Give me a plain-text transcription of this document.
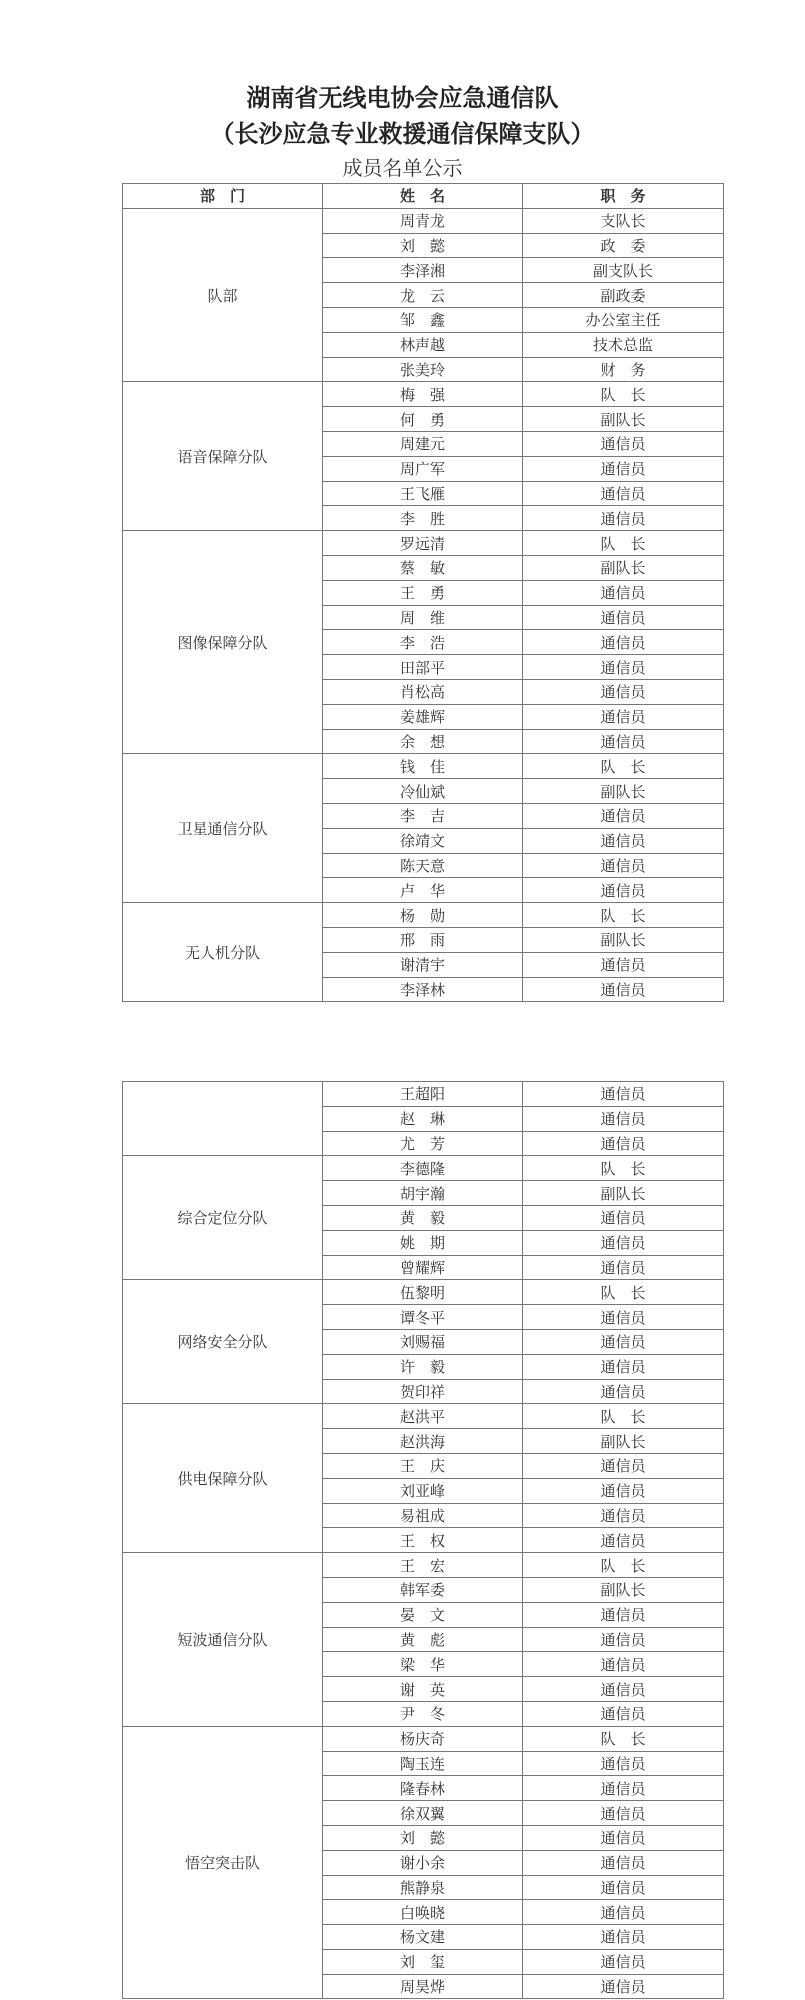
湖南省无线电协会应急通信队
（长沙应急专业救援通信保障支队）
成员名单公示
部　门	姓　名	职　务
队部	周青龙	支队长
	刘　懿	政　委
	李泽湘	副支队长
	龙　云	副政委
	邹　鑫	办公室主任
	林声越	技术总监
	张美玲	财　务
语音保障分队	梅　强	队　长
	何　勇	副队长
	周建元	通信员
	周广军	通信员
	王飞雁	通信员
	李　胜	通信员
图像保障分队	罗远清	队　长
	蔡　敏	副队长
	王　勇	通信员
	周　维	通信员
	李　浩	通信员
	田部平	通信员
	肖松高	通信员
	姜雄辉	通信员
	余　想	通信员
卫星通信分队	钱　佳	队　长
	冷仙斌	副队长
	李　吉	通信员
	徐靖文	通信员
	陈天意	通信员
	卢　华	通信员
无人机分队	杨　勋	队　长
	邢　雨	副队长
	谢清宇	通信员
	李泽林	通信员
	王超阳	通信员
	赵　琳	通信员
	尤　芳	通信员
综合定位分队	李德隆	队　长
	胡宇瀚	副队长
	黄　毅	通信员
	姚　期	通信员
	曾耀辉	通信员
网络安全分队	伍黎明	队　长
	谭冬平	通信员
	刘赐福	通信员
	许　毅	通信员
	贺印祥	通信员
供电保障分队	赵洪平	队　长
	赵洪海	副队长
	王　庆	通信员
	刘亚峰	通信员
	易祖成	通信员
	王　权	通信员
短波通信分队	王　宏	队　长
	韩军委	副队长
	晏　文	通信员
	黄　彪	通信员
	梁　华	通信员
	谢　英	通信员
	尹　冬	通信员
悟空突击队	杨庆奇	队　长
	陶玉连	通信员
	隆春林	通信员
	徐双翼	通信员
	刘　懿	通信员
	谢小余	通信员
	熊静泉	通信员
	白唤晓	通信员
	杨文建	通信员
	刘　玺	通信员
	周昊烨	通信员
